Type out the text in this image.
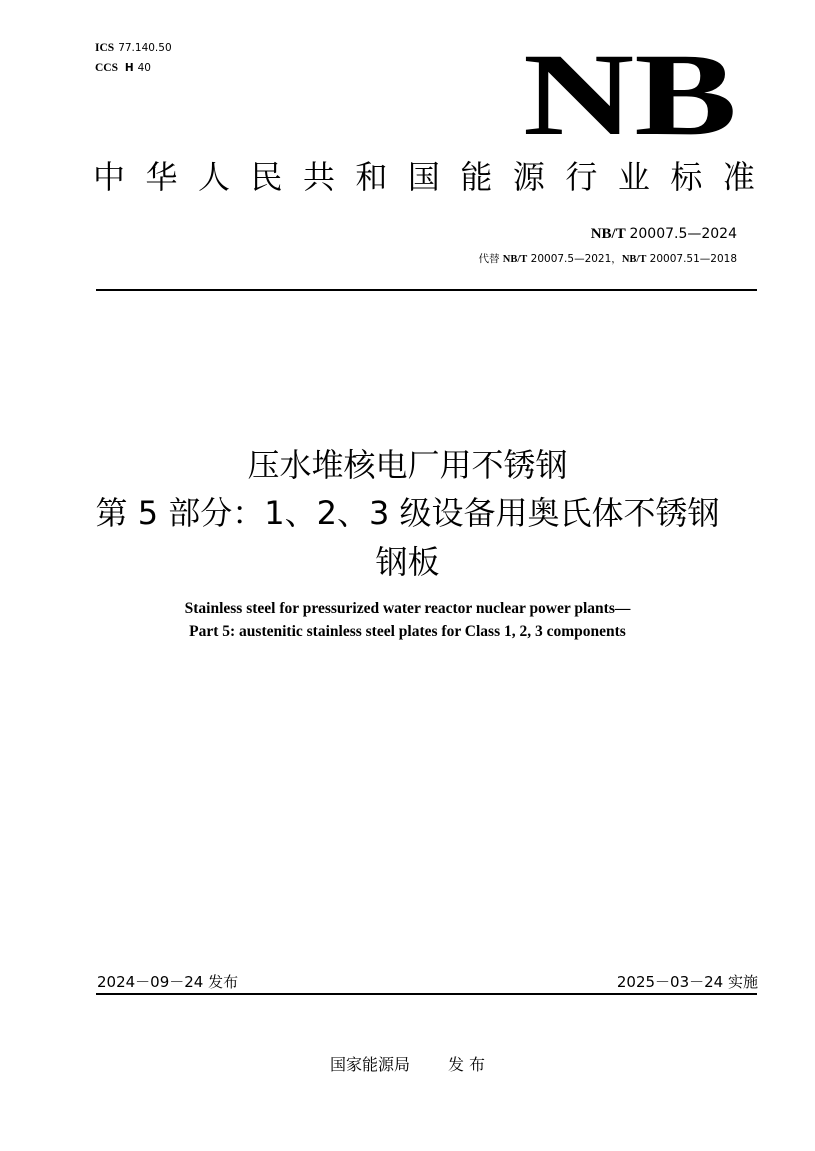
ICS 77.140.50
CCS H 40	NB
中 华 人 民 共 和 国 能 源 行 业 标 准
NB/T 20007.5—2024
代替 NB/T 20007.5—2021，NB/T 20007.51—2018
压水堆核电厂用不锈钢
第 5 部分：1、2、3 级设备用奥氏体不锈钢
钢板
Stainless steel for pressurized water reactor nuclear power plants—
Part 5: austenitic stainless steel plates for Class 1, 2, 3 components
2024－09－24 发布	2025－03－24 实施
国家能源局 发 布
